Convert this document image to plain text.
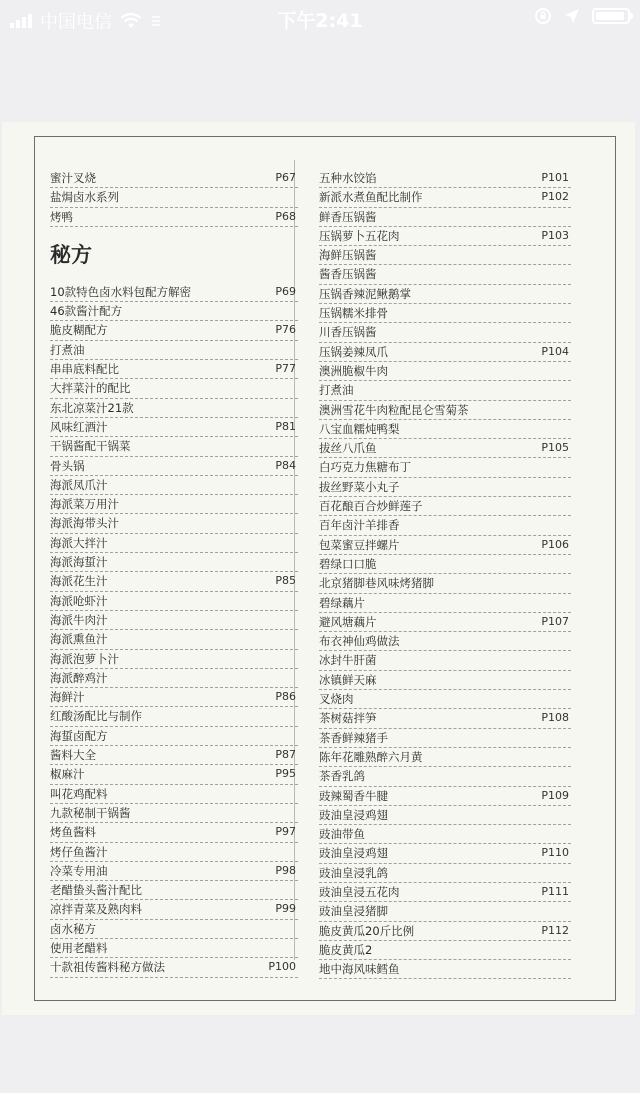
中国电信	下午2:41
蜜汁叉烧	P67
盐焗卤水系列
烤鸭	P68
秘方
10款特色卤水料包配方解密	P69
46款酱汁配方
脆皮糊配方	P76
打煮油
串串底料配比	P77
大拌菜汁的配比
东北凉菜汁21款
风味红酒汁	P81
干锅酱配干锅菜
骨头锅	P84
海派凤爪汁
海派菜万用汁
海派海带头汁
海派大拌汁
海派海蜇汁
海派花生汁	P85
海派呛虾汁
海派牛肉汁
海派熏鱼汁
海派泡萝卜汁
海派醉鸡汁
海鲜汁	P86
红酸汤配比与制作
海蜇卤配方
酱料大全	P87
椒麻汁	P95
叫花鸡配料
九款秘制干锅酱
烤鱼酱料	P97
烤仔鱼酱汁
冷菜专用油	P98
老醋蛰头酱汁配比
凉拌青菜及熟肉料	P99
卤水秘方
使用老醋料
十款祖传酱料秘方做法	P100
五种水饺馅	P101
新派水煮鱼配比制作	P102
鲜香压锅酱
压锅萝卜五花肉	P103
海鲜压锅酱
酱香压锅酱
压锅香辣泥鳅鹅掌
压锅糯米排骨
川香压锅酱
压锅姜辣凤爪	P104
澳洲脆椒牛肉
打煮油
澳洲雪花牛肉粒配昆仑雪菊茶
八宝血糯炖鸭梨
拔丝八爪鱼	P105
白巧克力焦糖布丁
拔丝野菜小丸子
百花酿百合炒鲜莲子
百年卤汁羊排香
包菜蜜豆拌螺片	P106
碧绿口口脆
北京猪脚巷风味烤猪脚
碧绿藕片
避风塘藕片	P107
布衣神仙鸡做法
冰封牛肝菌
冰镇鲜天麻
叉烧肉
茶树菇拌笋	P108
茶香鲜辣猪手
陈年花雕熟醉六月黄
茶香乳鸽
豉辣蜀香牛腱	P109
豉油皇浸鸡翅
豉油带鱼
豉油皇浸鸡翅	P110
豉油皇浸乳鸽
豉油皇浸五花肉	P111
豉油皇浸猪脚
脆皮黄瓜20斤比例	P112
脆皮黄瓜2
地中海风味鳕鱼
